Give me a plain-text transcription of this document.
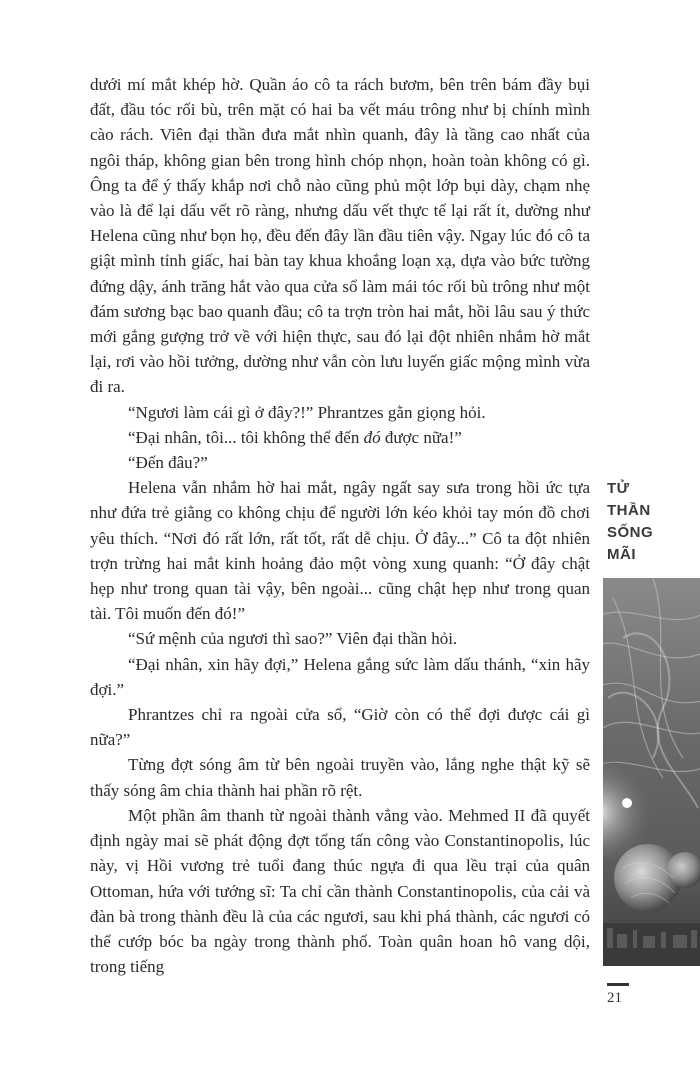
dưới mí mắt khép hờ. Quần áo cô ta rách bươm, bên trên bám đầy bụi đất, đầu tóc rối bù, trên mặt có hai ba vết máu trông như bị chính mình cào rách. Viên đại thần đưa mắt nhìn quanh, đây là tầng cao nhất của ngôi tháp, không gian bên trong hình chóp nhọn, hoàn toàn không có gì. Ông ta để ý thấy khắp nơi chỗ nào cũng phủ một lớp bụi dày, chạm nhẹ vào là để lại dấu vết rõ ràng, nhưng dấu vết thực tế lại rất ít, dường như Helena cũng như bọn họ, đều đến đây lần đầu tiên vậy. Ngay lúc đó cô ta giật mình tỉnh giấc, hai bàn tay khua khoắng loạn xạ, dựa vào bức tường đứng dậy, ánh trăng hắt vào qua cửa sổ làm mái tóc rối bù trông như một đám sương bạc bao quanh đầu; cô ta trợn tròn hai mắt, hồi lâu sau ý thức mới gắng gượng trở về với hiện thực, sau đó lại đột nhiên nhắm hờ mắt lại, rơi vào hồi tưởng, dường như vẫn còn lưu luyến giấc mộng mình vừa đi ra.

“Ngươi làm cái gì ở đây?!” Phrantzes gằn giọng hỏi.

“Đại nhân, tôi... tôi không thể đến đó được nữa!”

“Đến đâu?”

Helena vẫn nhắm hờ hai mắt, ngây ngất say sưa trong hồi ức tựa như đứa trẻ giằng co không chịu để người lớn kéo khỏi tay món đồ chơi yêu thích. “Nơi đó rất lớn, rất tốt, rất dễ chịu. Ở đây...” Cô ta đột nhiên trợn trừng hai mắt kinh hoảng đảo một vòng xung quanh: “Ở đây chật hẹp như trong quan tài vậy, bên ngoài... cũng chật hẹp như trong quan tài. Tôi muốn đến đó!”

“Sứ mệnh của ngươi thì sao?” Viên đại thần hỏi.

“Đại nhân, xin hãy đợi,” Helena gắng sức làm dấu thánh, “xin hãy đợi.”

Phrantzes chỉ ra ngoài cửa sổ, “Giờ còn có thể đợi được cái gì nữa?”

Từng đợt sóng âm từ bên ngoài truyền vào, lắng nghe thật kỹ sẽ thấy sóng âm chia thành hai phần rõ rệt.

Một phần âm thanh từ ngoài thành vẳng vào. Mehmed II đã quyết định ngày mai sẽ phát động đợt tổng tấn công vào Constantinopolis, lúc này, vị Hồi vương trẻ tuổi đang thúc ngựa đi qua lều trại của quân Ottoman, hứa với tướng sĩ: Ta chỉ cần thành Constantinopolis, của cải và đàn bà trong thành đều là của các ngươi, sau khi phá thành, các ngươi có thể cướp bóc ba ngày trong thành phố. Toàn quân hoan hô vang dội, trong tiếng

TỬ
THẦN
SỐNG
MÃI
21
